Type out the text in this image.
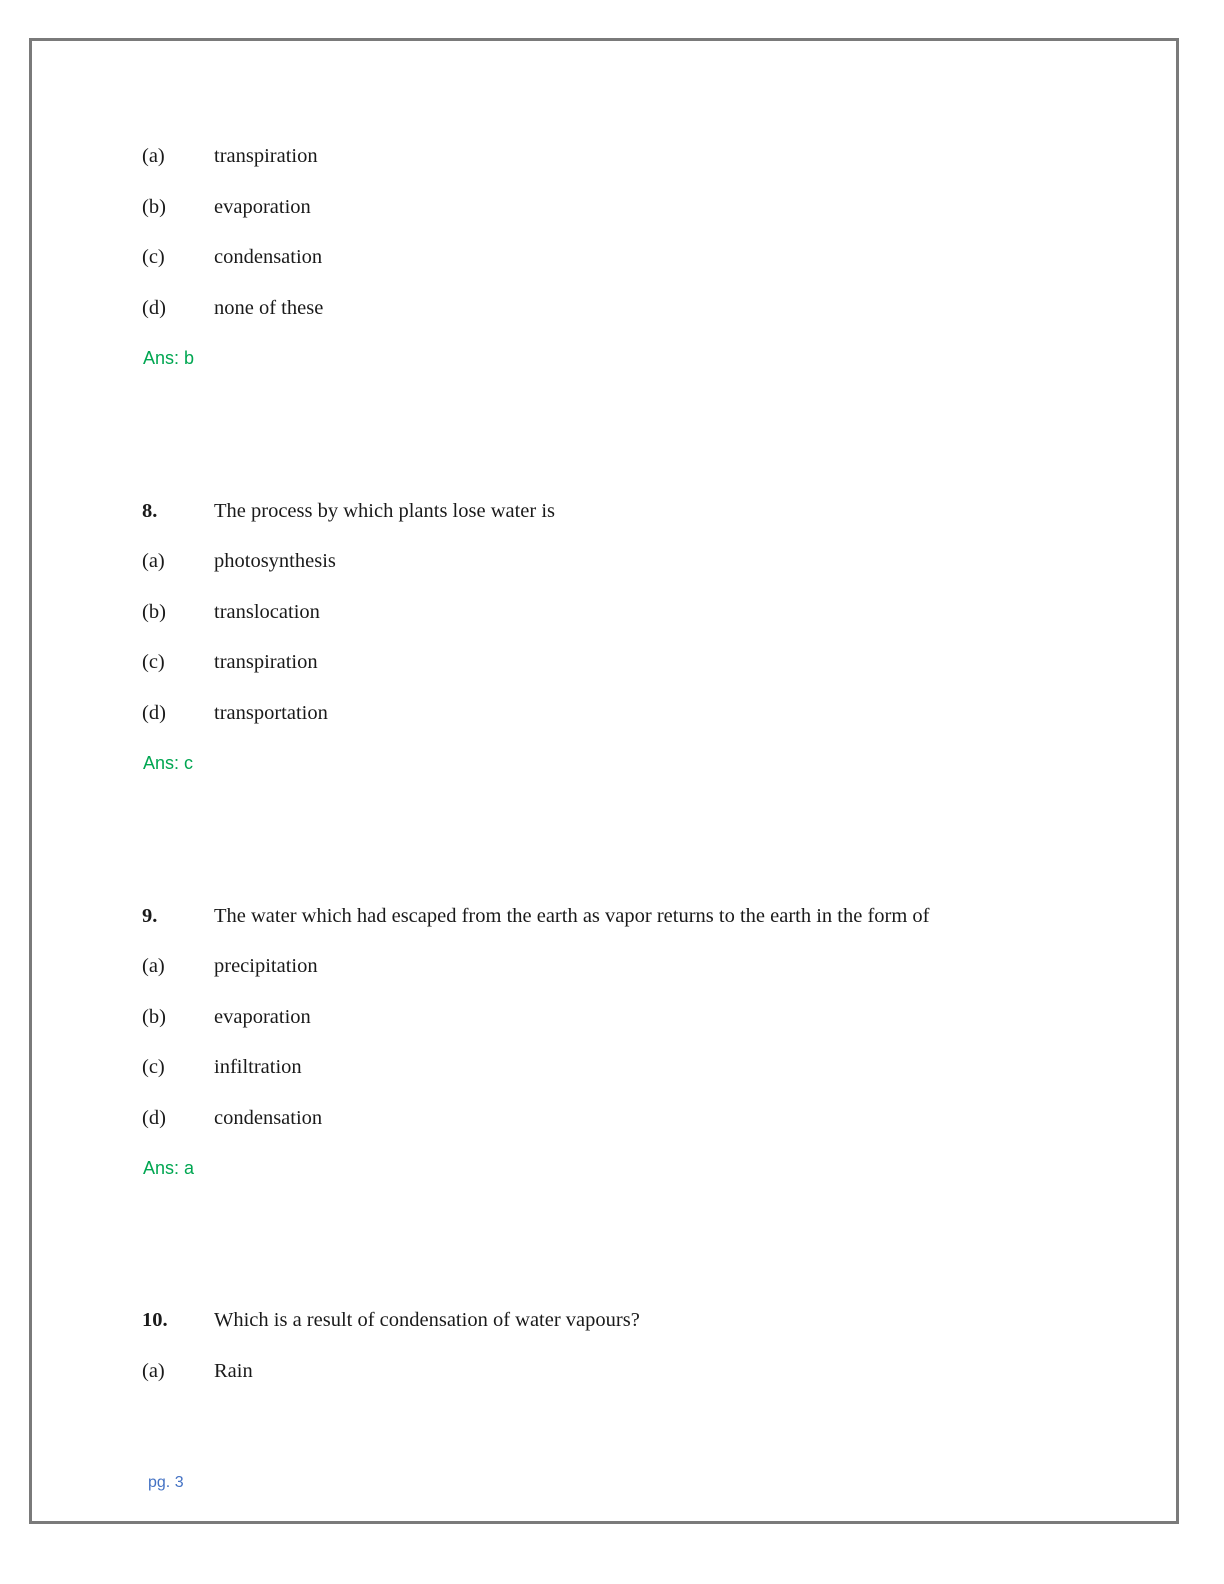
(a) transpiration
(b) evaporation
(c) condensation
(d) none of these
Ans: b
8.	The process by which plants lose water is
(a) photosynthesis
(b) translocation
(c) transpiration
(d) transportation
Ans: c
9.	The water which had escaped from the earth as vapor returns to the earth in the form of
(a) precipitation
(b) evaporation
(c) infiltration
(d) condensation
Ans: a
10. Which is a result of condensation of water vapours?
(a) Rain
pg. 3
